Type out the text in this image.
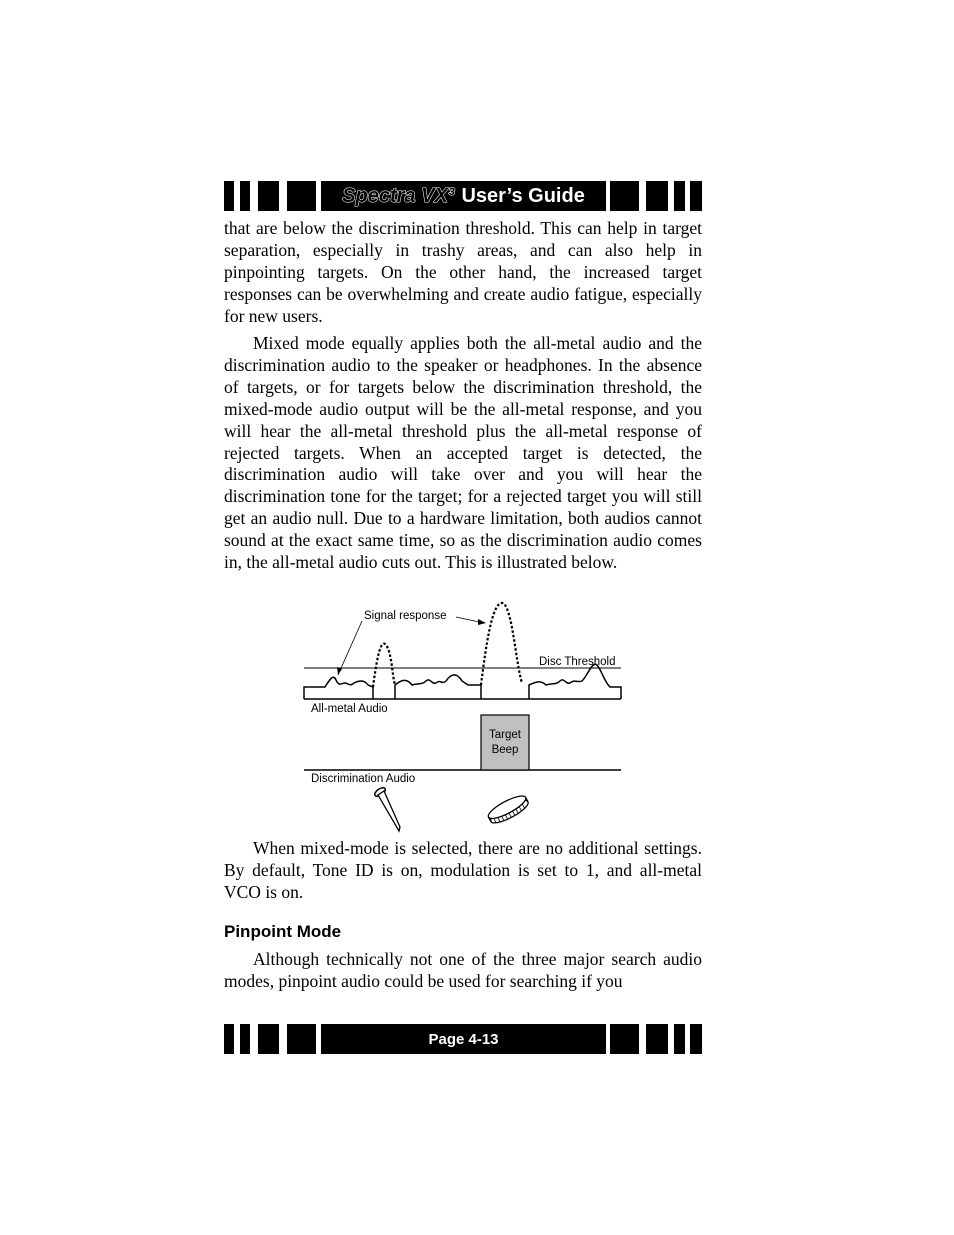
Spectra VX³ User’s Guide

that are below the discrimination threshold. This can help in target separation, especially in trashy areas, and can also help in pinpointing targets. On the other hand, the increased target responses can be overwhelming and create audio fatigue, especially for new users.

Mixed mode equally applies both the all-metal audio and the discrimination audio to the speaker or headphones. In the absence of targets, or for targets below the discrimination threshold, the mixed-mode audio output will be the all-metal response, and you will hear the all-metal threshold plus the all-metal response of rejected targets. When an accepted target is detected, the discrimination audio will take over and you will hear the discrimination tone for the target; for a rejected target you will still get an audio null. Due to a hardware limitation, both audios cannot sound at the exact same time, so as the discrimination audio comes in, the all-metal audio cuts out. This is illustrated below.

Signal response
Disc Threshold
All-metal Audio
Target
Beep
Discrimination Audio

When mixed-mode is selected, there are no additional settings. By default, Tone ID is on, modulation is set to 1, and all-metal VCO is on.

Pinpoint Mode

Although technically not one of the three major search audio modes, pinpoint audio could be used for searching if you

Page 4-13
